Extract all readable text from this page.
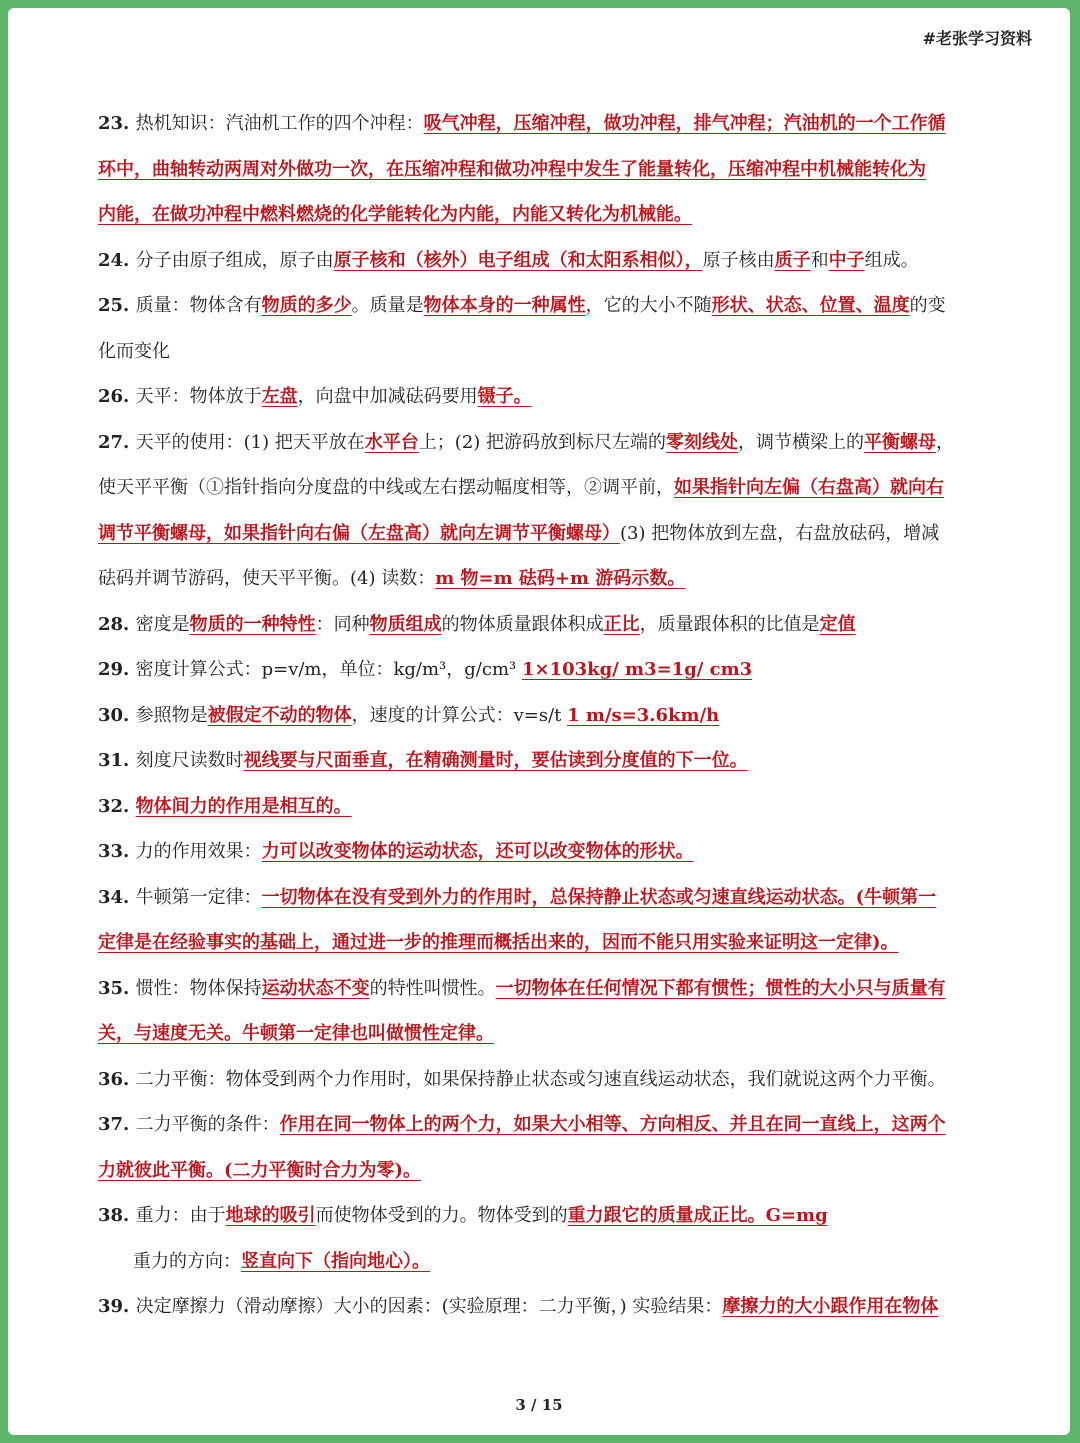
#老张学习资料
23. 热机知识：汽油机工作的四个冲程：吸气冲程，压缩冲程，做功冲程，排气冲程；汽油机的一个工作循
环中，曲轴转动两周对外做功一次，在压缩冲程和做功冲程中发生了能量转化，压缩冲程中机械能转化为
内能，在做功冲程中燃料燃烧的化学能转化为内能，内能又转化为机械能。
24. 分子由原子组成，原子由原子核和（核外）电子组成（和太阳系相似），原子核由质子和中子组成。
25. 质量：物体含有物质的多少。质量是物体本身的一种属性，它的大小不随形状、状态、位置、温度的变
化而变化
26. 天平：物体放于左盘，向盘中加减砝码要用镊子。
27. 天平的使用：(1) 把天平放在水平台上；(2) 把游码放到标尺左端的零刻线处，调节横梁上的平衡螺母，
使天平平衡（①指针指向分度盘的中线或左右摆动幅度相等，②调平前，如果指针向左偏（右盘高）就向右
调节平衡螺母，如果指针向右偏（左盘高）就向左调节平衡螺母）(3) 把物体放到左盘，右盘放砝码，增减
砝码并调节游码，使天平平衡。(4) 读数：m 物=m 砝码+m 游码示数。
28. 密度是物质的一种特性：同种物质组成的物体质量跟体积成正比，质量跟体积的比值是定值
29. 密度计算公式：p=v/m，单位：kg/m³，g/cm³ 1×103kg/ m3=1g/ cm3
30. 参照物是被假定不动的物体，速度的计算公式：v=s/t 1 m/s=3.6km/h
31. 刻度尺读数时视线要与尺面垂直，在精确测量时，要估读到分度值的下一位。
32. 物体间力的作用是相互的。
33. 力的作用效果：力可以改变物体的运动状态，还可以改变物体的形状。
34. 牛顿第一定律：一切物体在没有受到外力的作用时，总保持静止状态或匀速直线运动状态。(牛顿第一
定律是在经验事实的基础上，通过进一步的推理而概括出来的，因而不能只用实验来证明这一定律)。
35. 惯性：物体保持运动状态不变的特性叫惯性。一切物体在任何情况下都有惯性；惯性的大小只与质量有
关，与速度无关。牛顿第一定律也叫做惯性定律。
36. 二力平衡：物体受到两个力作用时，如果保持静止状态或匀速直线运动状态，我们就说这两个力平衡。
37. 二力平衡的条件：作用在同一物体上的两个力，如果大小相等、方向相反、并且在同一直线上，这两个
力就彼此平衡。(二力平衡时合力为零)。
38. 重力：由于地球的吸引而使物体受到的力。物体受到的重力跟它的质量成正比。G=mg
重力的方向：竖直向下（指向地心）。
39. 决定摩擦力（滑动摩擦）大小的因素：(实验原理：二力平衡，) 实验结果：摩擦力的大小跟作用在物体
3 / 15
